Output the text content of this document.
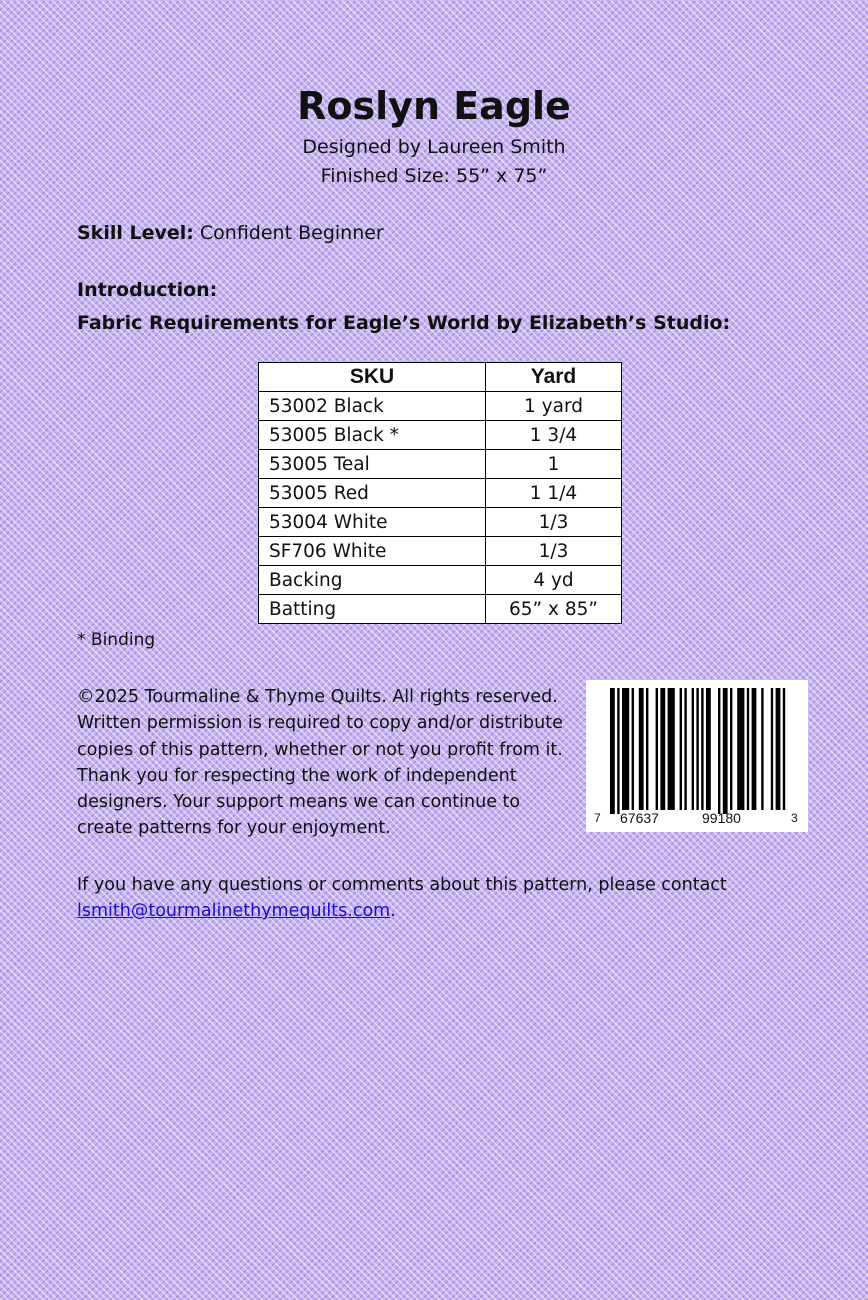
Roslyn Eagle
Designed by Laureen Smith
Finished Size: 55” x 75”
Skill Level: Confident Beginner
Introduction:
Fabric Requirements for Eagle’s World by Elizabeth’s Studio:
SKU	Yard
53002 Black	1 yard
53005 Black *	1 3/4
53005 Teal	1
53005 Red	1 1/4
53004 White	1/3
SF706 White	1/3
Backing	4 yd
Batting	65” x 85”
* Binding
©2025 Tourmaline & Thyme Quilts. All rights reserved.
Written permission is required to copy and/or distribute
copies of this pattern, whether or not you profit from it.
Thank you for respecting the work of independent
designers. Your support means we can continue to
create patterns for your enjoyment.
7 67637	99180	3
If you have any questions or comments about this pattern, please contact
lsmith@tourmalinethymequilts.com.
